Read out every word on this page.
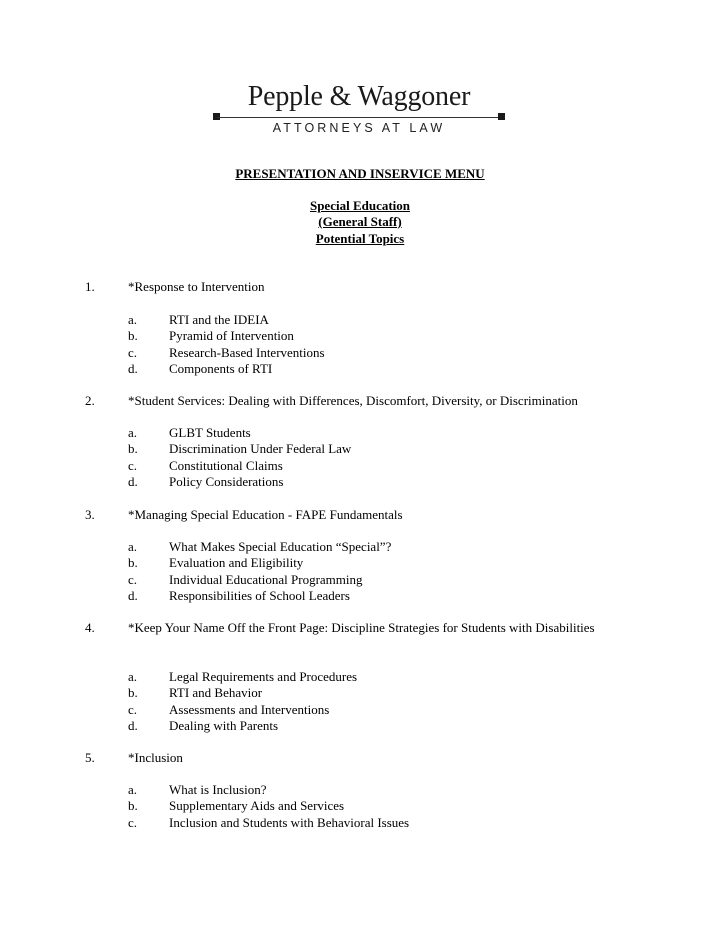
Pepple & Waggoner
ATTORNEYS AT LAW
PRESENTATION AND INSERVICE MENU
Special Education
(General Staff)
Potential Topics
1.	*Response to Intervention
a. RTI and the IDEIA
b. Pyramid of Intervention
c. Research-Based Interventions
d. Components of RTI
2.	*Student Services: Dealing with Differences, Discomfort, Diversity, or Discrimination
a. GLBT Students
b. Discrimination Under Federal Law
c. Constitutional Claims
d. Policy Considerations
3.	*Managing Special Education - FAPE Fundamentals
a. What Makes Special Education “Special”?
b. Evaluation and Eligibility
c. Individual Educational Programming
d. Responsibilities of School Leaders
4.	*Keep Your Name Off the Front Page: Discipline Strategies for Students with Disabilities
a. Legal Requirements and Procedures
b. RTI and Behavior
c. Assessments and Interventions
d. Dealing with Parents
5.	*Inclusion
a. What is Inclusion?
b. Supplementary Aids and Services
c. Inclusion and Students with Behavioral Issues
